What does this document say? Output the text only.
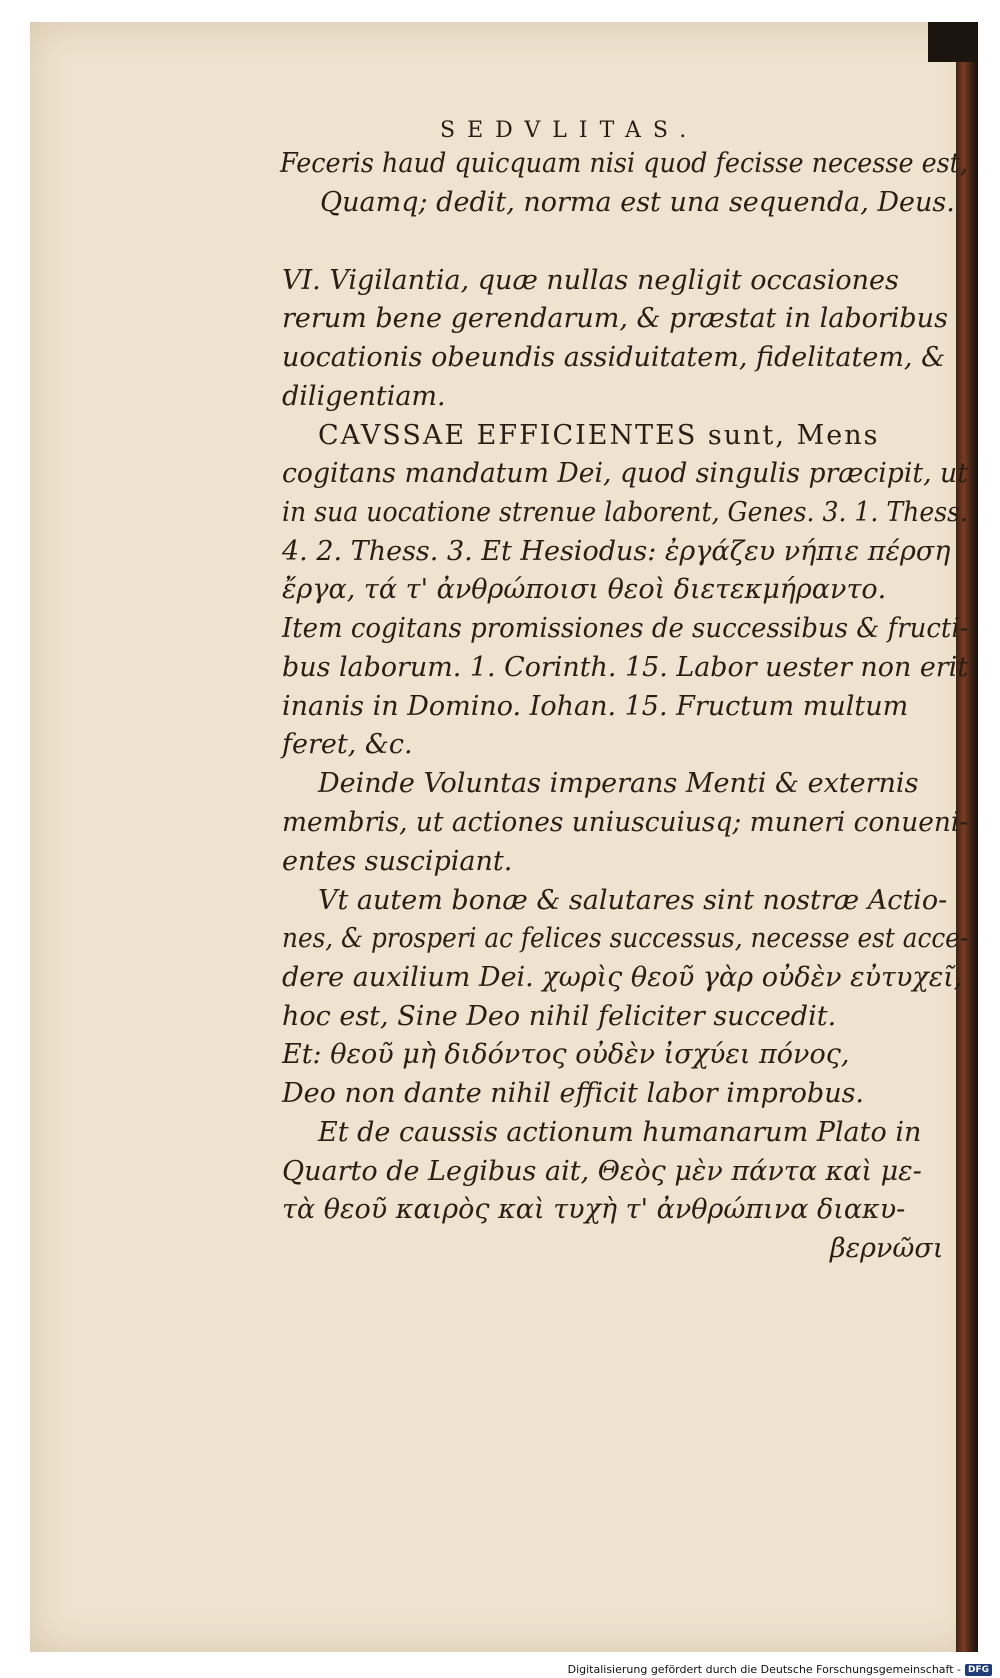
SEDVLITAS.
Feceris haud quicquam nisi quod fecisse necesse est,
Quamq; dedit, norma est una sequenda, Deus.
VI. Vigilantia, quæ nullas negligit occasiones
rerum bene gerendarum, & præstat in laboribus
uocationis obeundis assiduitatem, fidelitatem, &
diligentiam.
CAVSSAE EFFICIENTES sunt, Mens
cogitans mandatum Dei, quod singulis præcipit, ut
in sua uocatione strenue laborent, Genes. 3. 1. Thess.
4. 2. Thess. 3. Et Hesiodus: ἐργάζευ νήπιε πέρση
ἔργα, τά τ' ἀνθρώποισι θεοὶ διετεκμήραντο.
Item cogitans promissiones de successibus & fructi-
bus laborum. 1. Corinth. 15. Labor uester non erit
inanis in Domino. Iohan. 15. Fructum multum
feret, &c.
Deinde Voluntas imperans Menti & externis
membris, ut actiones uniuscuiusq; muneri conueni-
entes suscipiant.
Vt autem bonæ & salutares sint nostræ Actio-
nes, & prosperi ac felices successus, necesse est acce-
dere auxilium Dei. χωρὶς θεοῦ γὰρ οὐδὲν εὐτυχεῖ,
hoc est, Sine Deo nihil feliciter succedit.
Et: θεοῦ μὴ διδόντος οὐδὲν ἰσχύει πόνος,
Deo non dante nihil efficit labor improbus.
Et de caussis actionum humanarum Plato in
Quarto de Legibus ait, Θεὸς μὲν πάντα καὶ με-
τὰ θεοῦ καιρὸς καὶ τυχὴ τ' ἀνθρώπινα διακυ-
βερνῶσι
Digitalisierung gefördert durch die Deutsche Forschungsgemeinschaft - DFG
